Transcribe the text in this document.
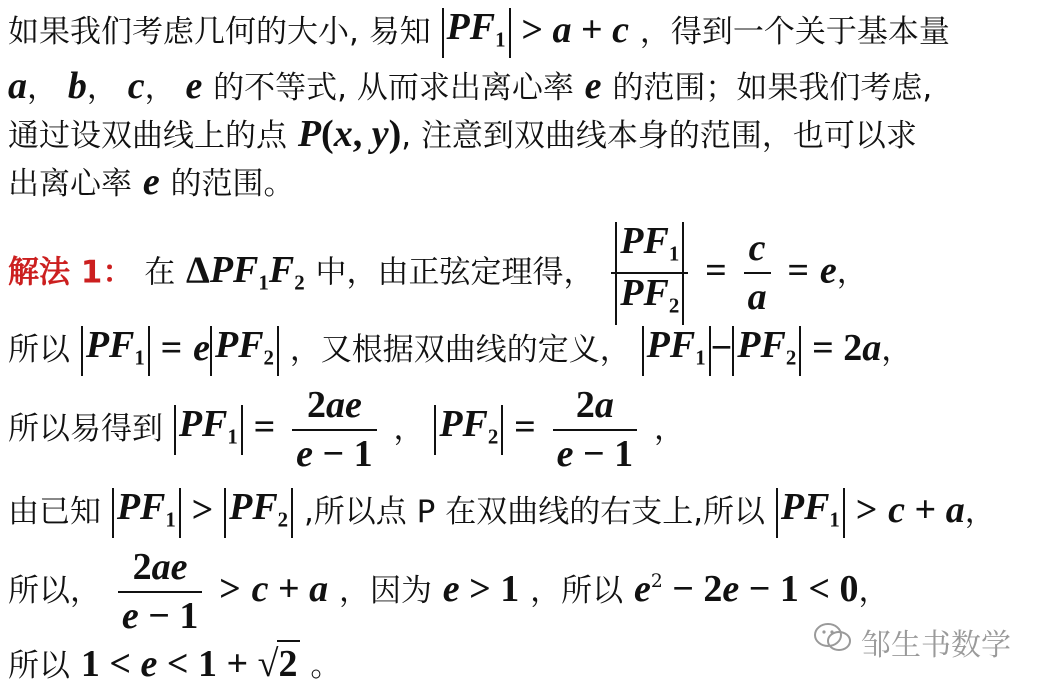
如果我们考虑几何的大小, 易知 $PF_1 > a + c$ ，得到一个关于基本量
a， b， c， e 的不等式, 从而求出离心率 e 的范围；如果我们考虑,
通过设双曲线上的点 P(x, y), 注意到双曲线本身的范围，也可以求
出离心率 e 的范围。
解法 1： 在 $\Delta PF_1F_2$ 中，由正弦定理得， $\frac{PF_1}{PF_2} = \frac{c}{a} = e$，
所以 $PF_1 = e$ $PF_2$ ，又根据双曲线的定义， $PF_1 - PF_2 = 2a$，
所以易得到 $PF_1 = \frac{2ae}{e - 1}$ ， $PF_2 = \frac{2a}{e - 1}$ ，
由已知 $PF_1 > PF_2$ ,所以点 P 在双曲线的右支上,所以 $PF_1 > c + a$，
所以， $\frac{2ae}{e - 1} > c + a$ ，因为 e > 1 ，所以 $e^2 - 2e - 1 < 0$，
所以 1 < e < 1 + √2 。
邹生书数学
